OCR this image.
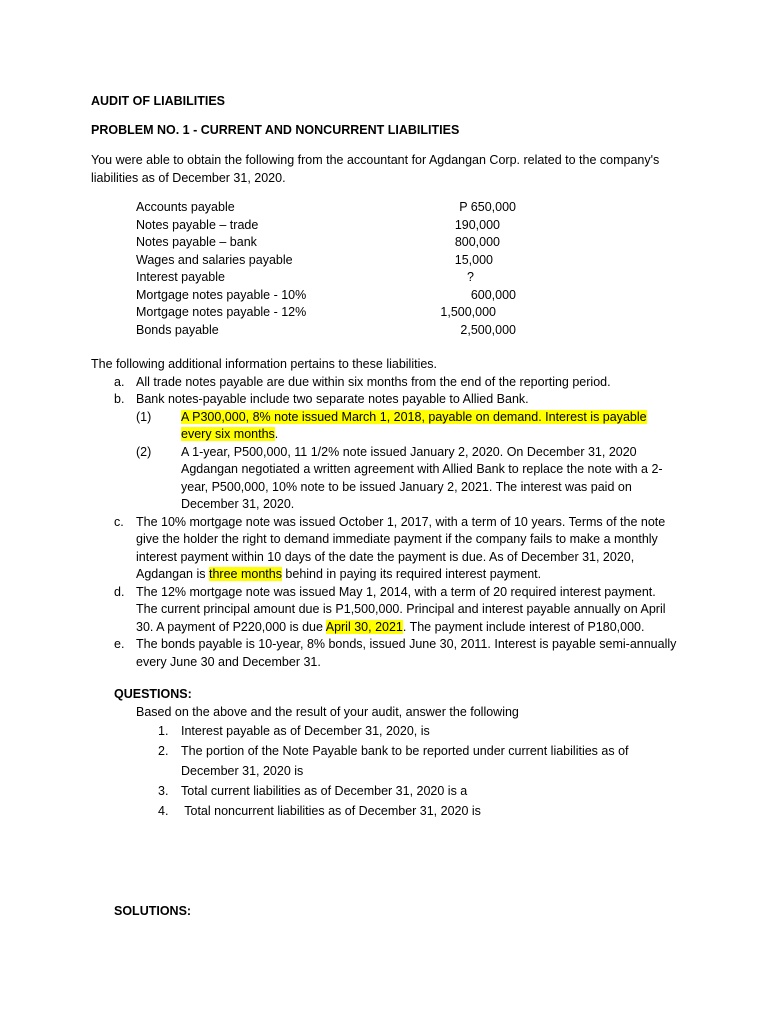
AUDIT OF LIABILITIES
PROBLEM NO. 1 - CURRENT AND NONCURRENT LIABILITIES
You were able to obtain the following from the accountant for Agdangan Corp. related to the company's
liabilities as of December 31, 2020.
Accounts payable	P 650,000
Notes payable – trade	190,000
Notes payable – bank	800,000
Wages and salaries payable	15,000
Interest payable	?
Mortgage notes payable - 10%	600,000
Mortgage notes payable - 12%	1,500,000
Bonds payable	2,500,000
The following additional information pertains to these liabilities.
a. All trade notes payable are due within six months from the end of the reporting period.
b. Bank notes-payable include two separate notes payable to Allied Bank.
(1) A P300,000, 8% note issued March 1, 2018, payable on demand. Interest is payable
every six months.
(2) A 1-year, P500,000, 11 1/2% note issued January 2, 2020. On December 31, 2020
Agdangan negotiated a written agreement with Allied Bank to replace the note with a 2-
year, P500,000, 10% note to be issued January 2, 2021. The interest was paid on
December 31, 2020.
c. The 10% mortgage note was issued October 1, 2017, with a term of 10 years. Terms of the note
give the holder the right to demand immediate payment if the company fails to make a monthly
interest payment within 10 days of the date the payment is due. As of December 31, 2020,
Agdangan is three months behind in paying its required interest payment.
d. The 12% mortgage note was issued May 1, 2014, with a term of 20 required interest payment.
The current principal amount due is P1,500,000. Principal and interest payable annually on April
30. A payment of P220,000 is due April 30, 2021. The payment include interest of P180,000.
e. The bonds payable is 10-year, 8% bonds, issued June 30, 2011. Interest is payable semi-annually
every June 30 and December 31.
QUESTIONS:
Based on the above and the result of your audit, answer the following
1. Interest payable as of December 31, 2020, is
2. The portion of the Note Payable bank to be reported under current liabilities as of
December 31, 2020 is
3. Total current liabilities as of December 31, 2020 is a
4. Total noncurrent liabilities as of December 31, 2020 is
SOLUTIONS:
